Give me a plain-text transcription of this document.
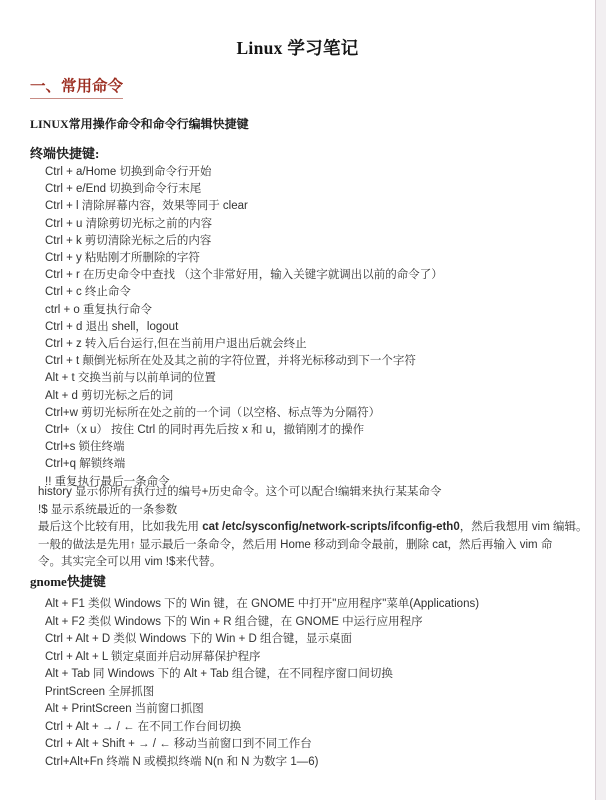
Linux 学习笔记
一、常用命令
LINUX常用操作命令和命令行编辑快捷键
终端快捷键:
Ctrl + a/Home 切换到命令行开始
Ctrl + e/End 切换到命令行末尾
Ctrl + l 清除屏幕内容，效果等同于 clear
Ctrl + u 清除剪切光标之前的内容
Ctrl + k 剪切清除光标之后的内容
Ctrl + y 粘贴刚才所删除的字符
Ctrl + r 在历史命令中查找 （这个非常好用，输入关键字就调出以前的命令了）
Ctrl + c 终止命令
ctrl + o 重复执行命令
Ctrl + d 退出 shell，logout
Ctrl + z 转入后台运行,但在当前用户退出后就会终止
Ctrl + t 颠倒光标所在处及其之前的字符位置，并将光标移动到下一个字符
Alt + t 交换当前与以前单词的位置
Alt + d 剪切光标之后的词
Ctrl+w 剪切光标所在处之前的一个词（以空格、标点等为分隔符）
Ctrl+（x u） 按住 Ctrl 的同时再先后按 x 和 u，撤销刚才的操作
Ctrl+s 锁住终端
Ctrl+q 解锁终端
!! 重复执行最后一条命令
history 显示你所有执行过的编号+历史命令。这个可以配合!编辑来执行某某命令
!$ 显示系统最近的一条参数
最后这个比较有用，比如我先用 cat /etc/sysconfig/network-scripts/ifconfig-eth0，然后我想用 vim 编辑。
一般的做法是先用↑ 显示最后一条命令，然后用 Home 移动到命令最前，删除 cat，然后再输入 vim 命
令。其实完全可以用 vim !$来代替。
gnome快捷键
Alt + F1 类似 Windows 下的 Win 键，在 GNOME 中打开"应用程序"菜单(Applications)
Alt + F2 类似 Windows 下的 Win + R 组合键，在 GNOME 中运行应用程序
Ctrl + Alt + D 类似 Windows 下的 Win + D 组合键，显示桌面
Ctrl + Alt + L 锁定桌面并启动屏幕保护程序
Alt + Tab 同 Windows 下的 Alt + Tab 组合键，在不同程序窗口间切换
PrintScreen 全屏抓图
Alt + PrintScreen 当前窗口抓图
Ctrl + Alt + → / ← 在不同工作台间切换
Ctrl + Alt + Shift + → / ← 移动当前窗口到不同工作台
Ctrl+Alt+Fn 终端 N 或模拟终端 N(n 和 N 为数字 1—6)
